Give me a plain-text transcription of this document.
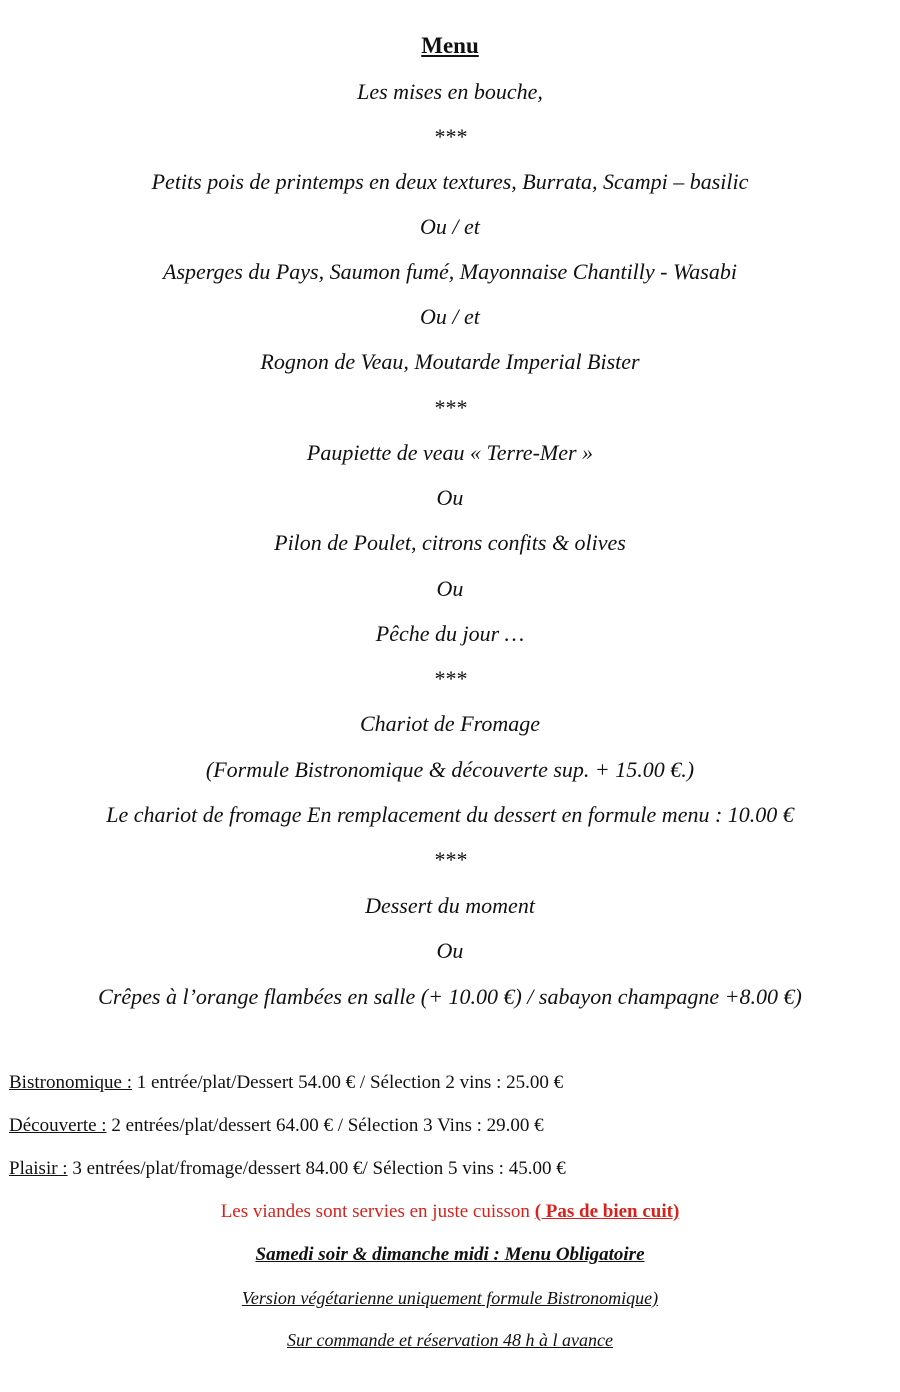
Menu
Les mises en bouche,
***
Petits pois de printemps en deux textures, Burrata, Scampi – basilic
Ou / et
Asperges du Pays, Saumon fumé, Mayonnaise Chantilly - Wasabi
Ou / et
Rognon de Veau, Moutarde Imperial Bister
***
Paupiette de veau « Terre-Mer »
Ou
Pilon de Poulet, citrons confits & olives
Ou
Pêche du jour …
***
Chariot de Fromage
(Formule Bistronomique & découverte sup. + 15.00 €.)
Le chariot de fromage En remplacement du dessert en formule menu : 10.00 €
***
Dessert du moment
Ou
Crêpes à l’orange flambées en salle (+ 10.00 €) / sabayon champagne +8.00 €)
Bistronomique : 1 entrée/plat/Dessert 54.00 € / Sélection 2 vins : 25.00 €
Découverte : 2 entrées/plat/dessert 64.00 € / Sélection 3 Vins : 29.00 €
Plaisir : 3 entrées/plat/fromage/dessert 84.00 €/ Sélection 5 vins : 45.00 €
Les viandes sont servies en juste cuisson ( Pas de bien cuit)
Samedi soir & dimanche midi : Menu Obligatoire
Version végétarienne uniquement formule Bistronomique)
Sur commande et réservation 48 h à l avance
